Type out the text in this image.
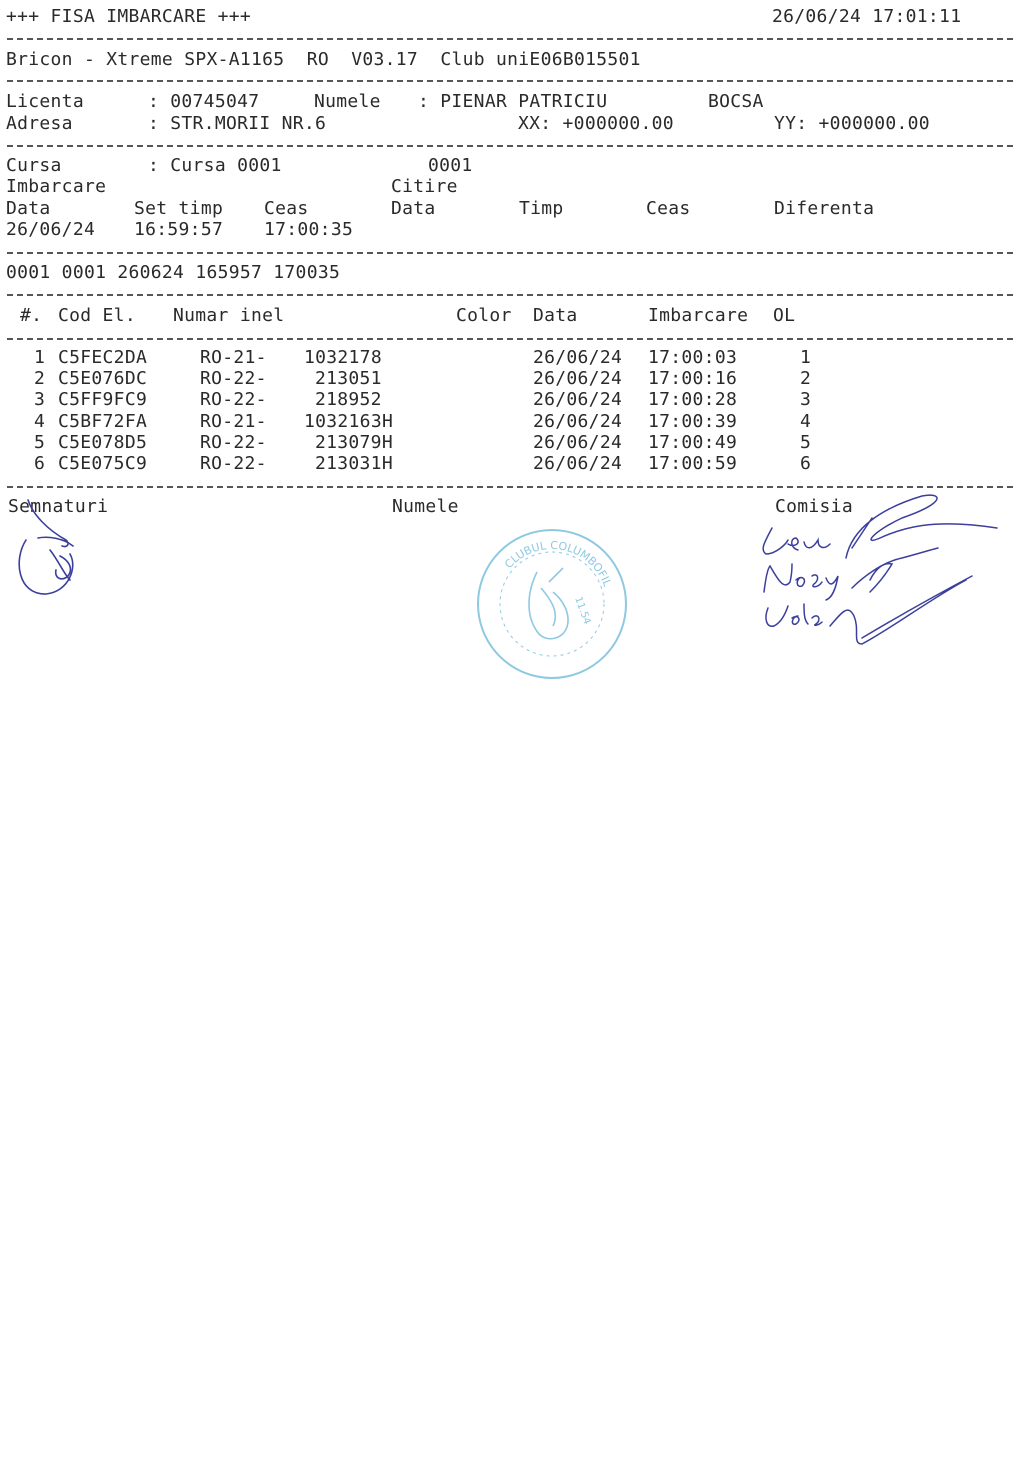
+++ FISA IMBARCARE +++	26/06/24 17:01:11
Bricon - Xtreme SPX-A1165  RO  V03.17  Club uniE06B015501
Licenta	: 00745047	Numele : PIENAR PATRICIU	BOCSA
Adresa	: STR.MORII NR.6	XX: +000000.00	YY: +000000.00
Cursa	: Cursa 0001	0001
Imbarcare	Citire
Data	Set timp Ceas	Data	Timp	Ceas	Diferenta
26/06/24 16:59:57 17:00:35
0001 0001 260624 165957 170035
#. Cod El. Numar inel	Color Data	Imbarcare OL
1 C5FEC2DA	RO-21- 1032178	26/06/24 17:00:03	1
2 C5E076DC	RO-22-	213051	26/06/24 17:00:16	2
3 C5FF9FC9	RO-22-	218952	26/06/24 17:00:28	3
4 C5BF72FA	RO-21- 1032163H	26/06/24 17:00:39	4
5 C5E078D5	RO-22-	213079H	26/06/24 17:00:49	5
6 C5E075C9	RO-22-	213031H	26/06/24 17:00:59	6
Semnaturi	Numele	Comisia
CLUBUL COLUMBOFIL
11.54
